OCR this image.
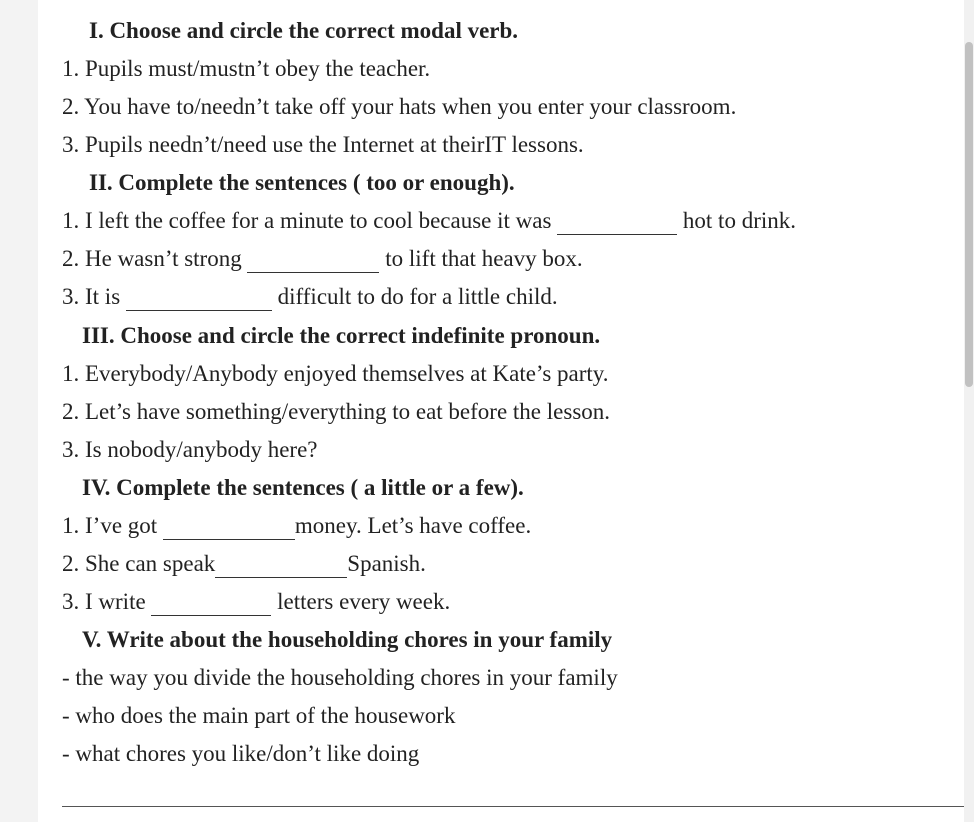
I. Choose and circle the correct modal verb.
1. Pupils must/mustn’t obey the teacher.
2. You have to/needn’t take off your hats when you enter your classroom.
3. Pupils needn’t/need use the Internet at theirIT lessons.
II. Complete the sentences ( too or enough).
1. I left the coffee for a minute to cool because it was	hot to drink.
2. He wasn’t strong	to lift that heavy box.
3. It is	difficult to do for a little child.
III. Choose and circle the correct indefinite pronoun.
1. Everybody/Anybody enjoyed themselves at Kate’s party.
2. Let’s have something/everything to eat before the lesson.
3. Is nobody/anybody here?
IV. Complete the sentences ( a little or a few).
1. I’ve got	money. Let’s have coffee.
2. She can speak	Spanish.
3. I write	letters every week.
V. Write about the householding chores in your family
- the way you divide the householding chores in your family
- who does the main part of the housework
- what chores you like/don’t like doing
